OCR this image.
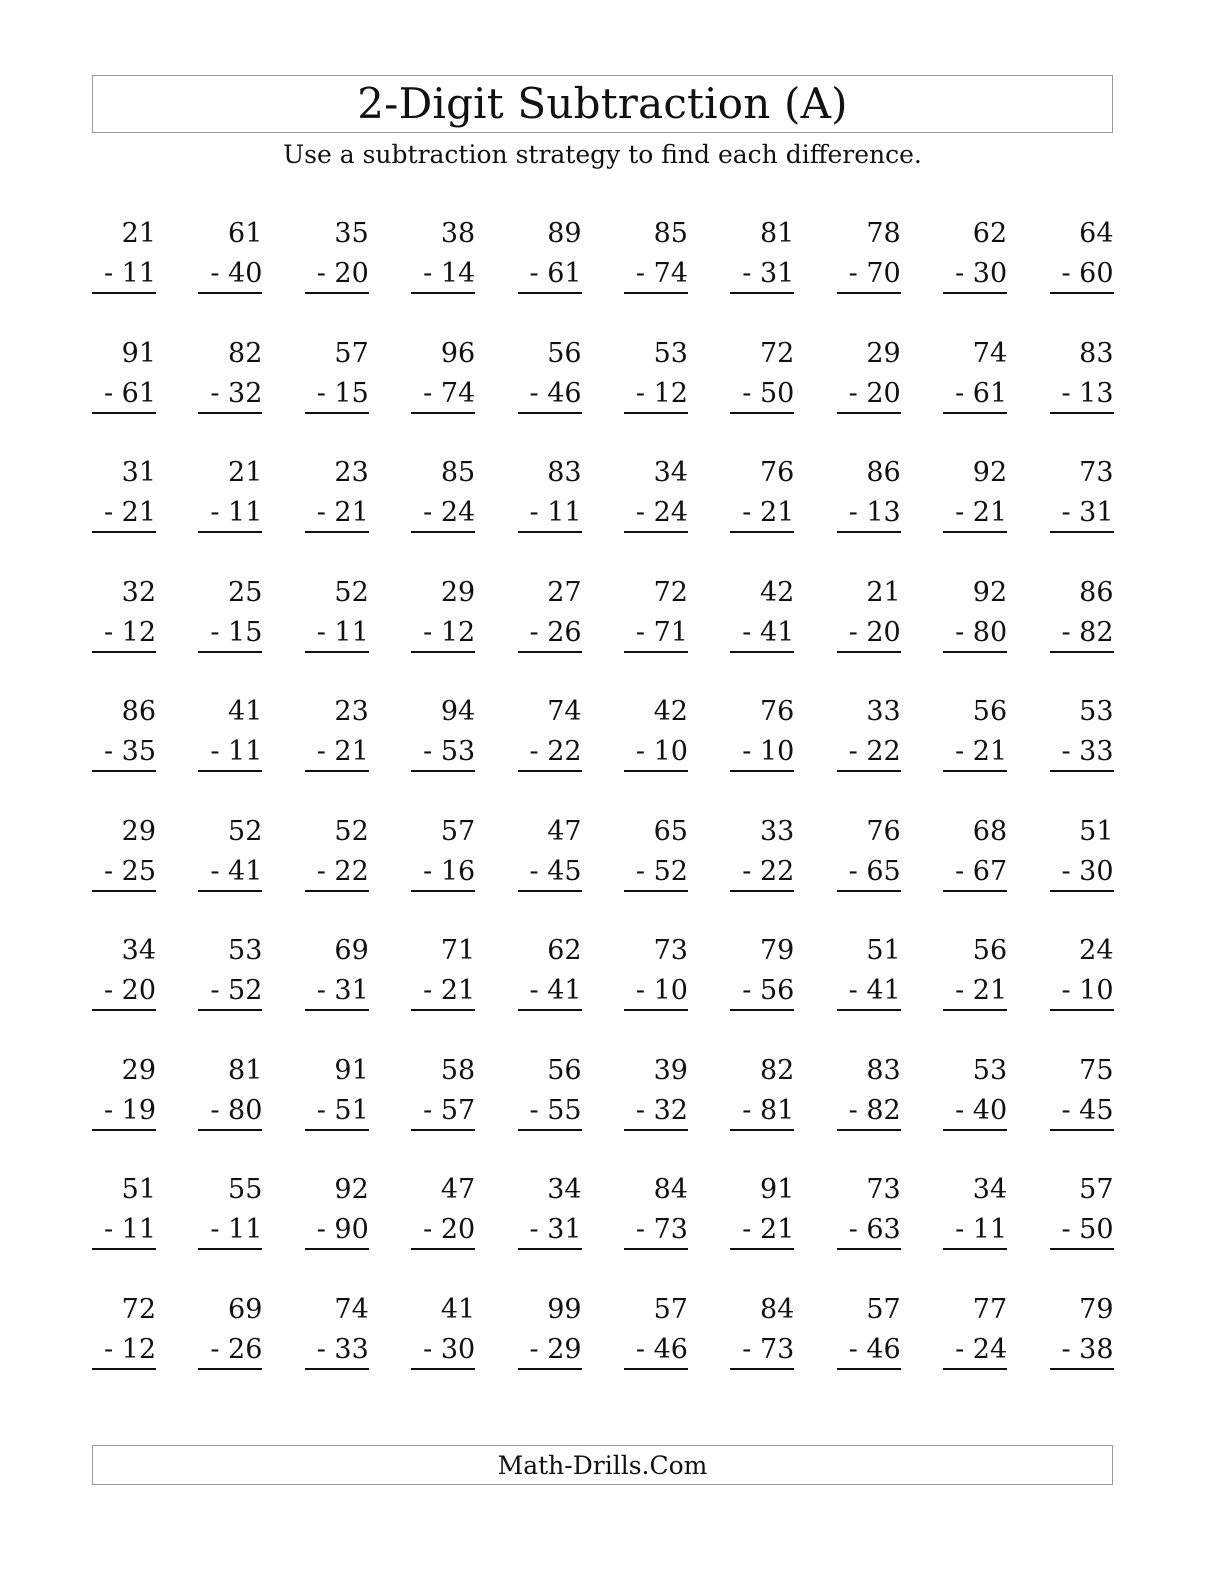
2-Digit Subtraction (A)
Use a subtraction strategy to find each difference.
21
- 11
61
- 40
35
- 20
38
- 14
89
- 61
85
- 74
81
- 31
78
- 70
62
- 30
64
- 60
91
- 61
82
- 32
57
- 15
96
- 74
56
- 46
53
- 12
72
- 50
29
- 20
74
- 61
83
- 13
31
- 21
21
- 11
23
- 21
85
- 24
83
- 11
34
- 24
76
- 21
86
- 13
92
- 21
73
- 31
32
- 12
25
- 15
52
- 11
29
- 12
27
- 26
72
- 71
42
- 41
21
- 20
92
- 80
86
- 82
86
- 35
41
- 11
23
- 21
94
- 53
74
- 22
42
- 10
76
- 10
33
- 22
56
- 21
53
- 33
29
- 25
52
- 41
52
- 22
57
- 16
47
- 45
65
- 52
33
- 22
76
- 65
68
- 67
51
- 30
34
- 20
53
- 52
69
- 31
71
- 21
62
- 41
73
- 10
79
- 56
51
- 41
56
- 21
24
- 10
29
- 19
81
- 80
91
- 51
58
- 57
56
- 55
39
- 32
82
- 81
83
- 82
53
- 40
75
- 45
51
- 11
55
- 11
92
- 90
47
- 20
34
- 31
84
- 73
91
- 21
73
- 63
34
- 11
57
- 50
72
- 12
69
- 26
74
- 33
41
- 30
99
- 29
57
- 46
84
- 73
57
- 46
77
- 24
79
- 38
Math-Drills.Com
